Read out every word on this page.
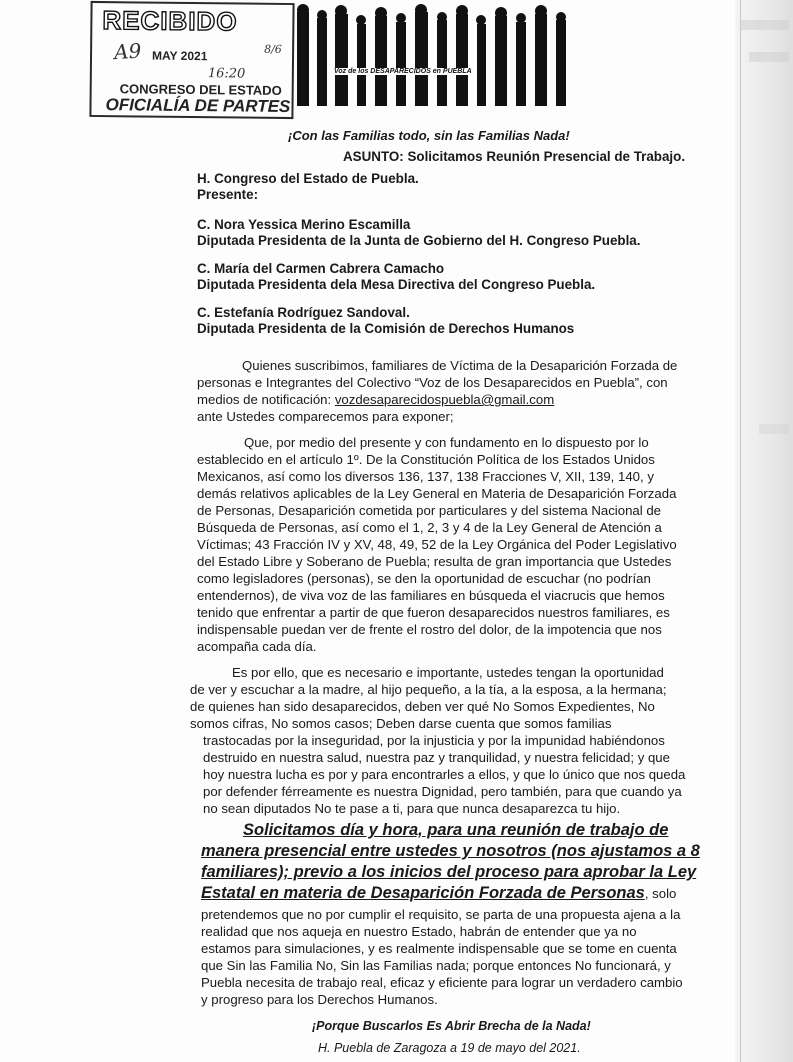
RECIBIDO
A9 MAY 2021	8/6
16:20
CONGRESO DEL ESTADO
OFICIALÍA DE PARTES
Voz de los DESAPARECIDOS en PUEBLA
¡Con las Familias todo, sin las Familias Nada!
ASUNTO: Solicitamos Reunión Presencial de Trabajo.
H. Congreso del Estado de Puebla.
Presente:
C. Nora Yessica Merino Escamilla
Diputada Presidenta de la Junta de Gobierno del H. Congreso Puebla.
C. María del Carmen Cabrera Camacho
Diputada Presidenta dela Mesa Directiva del Congreso Puebla.
C. Estefanía Rodríguez Sandoval.
Diputada Presidenta de la Comisión de Derechos Humanos
Quienes suscribimos, familiares de Víctima de la Desaparición Forzada de
personas e Integrantes del Colectivo “Voz de los Desaparecidos en Puebla”, con
medios de notificación: vozdesaparecidospuebla@gmail.com
ante Ustedes comparecemos para exponer;
Que, por medio del presente y con fundamento en lo dispuesto por lo
establecido en el artículo 1º. De la Constitución Política de los Estados Unidos
Mexicanos, así como los diversos 136, 137, 138 Fracciones V, XII, 139, 140, y
demás relativos aplicables de la Ley General en Materia de Desaparición Forzada
de Personas, Desaparición cometida por particulares y del sistema Nacional de
Búsqueda de Personas, así como el 1, 2, 3 y 4 de la Ley General de Atención a
Víctimas; 43 Fracción IV y XV, 48, 49, 52 de la Ley Orgánica del Poder Legislativo
del Estado Libre y Soberano de Puebla; resulta de gran importancia que Ustedes
como legisladores (personas), se den la oportunidad de escuchar (no podrían
entendernos), de viva voz de las familiares en búsqueda el viacrucis que hemos
tenido que enfrentar a partir de que fueron desaparecidos nuestros familiares, es
indispensable puedan ver de frente el rostro del dolor, de la impotencia que nos
acompaña cada día.
Es por ello, que es necesario e importante, ustedes tengan la oportunidad
de ver y escuchar a la madre, al hijo pequeño, a la tía, a la esposa, a la hermana;
de quienes han sido desaparecidos, deben ver qué No Somos Expedientes, No
somos cifras, No somos casos; Deben darse cuenta que somos familias
trastocadas por la inseguridad, por la injusticia y por la impunidad habiéndonos
destruido en nuestra salud, nuestra paz y tranquilidad, y nuestra felicidad; y que
hoy nuestra lucha es por y para encontrarles a ellos, y que lo único que nos queda
por defender férreamente es nuestra Dignidad, pero también, para que cuando ya
no sean diputados No te pase a ti, para que nunca desaparezca tu hijo.
Solicitamos día y hora, para una reunión de trabajo de
manera presencial entre ustedes y nosotros (nos ajustamos a 8
familiares); previo a los inicios del proceso para aprobar la Ley
Estatal en materia de Desaparición Forzada de Personas, solo
pretendemos que no por cumplir el requisito, se parta de una propuesta ajena a la
realidad que nos aqueja en nuestro Estado, habrán de entender que ya no
estamos para simulaciones, y es realmente indispensable que se tome en cuenta
que Sin las Familia No, Sin las Familias nada; porque entonces No funcionará, y
Puebla necesita de trabajo real, eficaz y eficiente para lograr un verdadero cambio
y progreso para los Derechos Humanos.
¡Porque Buscarlos Es Abrir Brecha de la Nada!
H. Puebla de Zaragoza a 19 de mayo del 2021.
